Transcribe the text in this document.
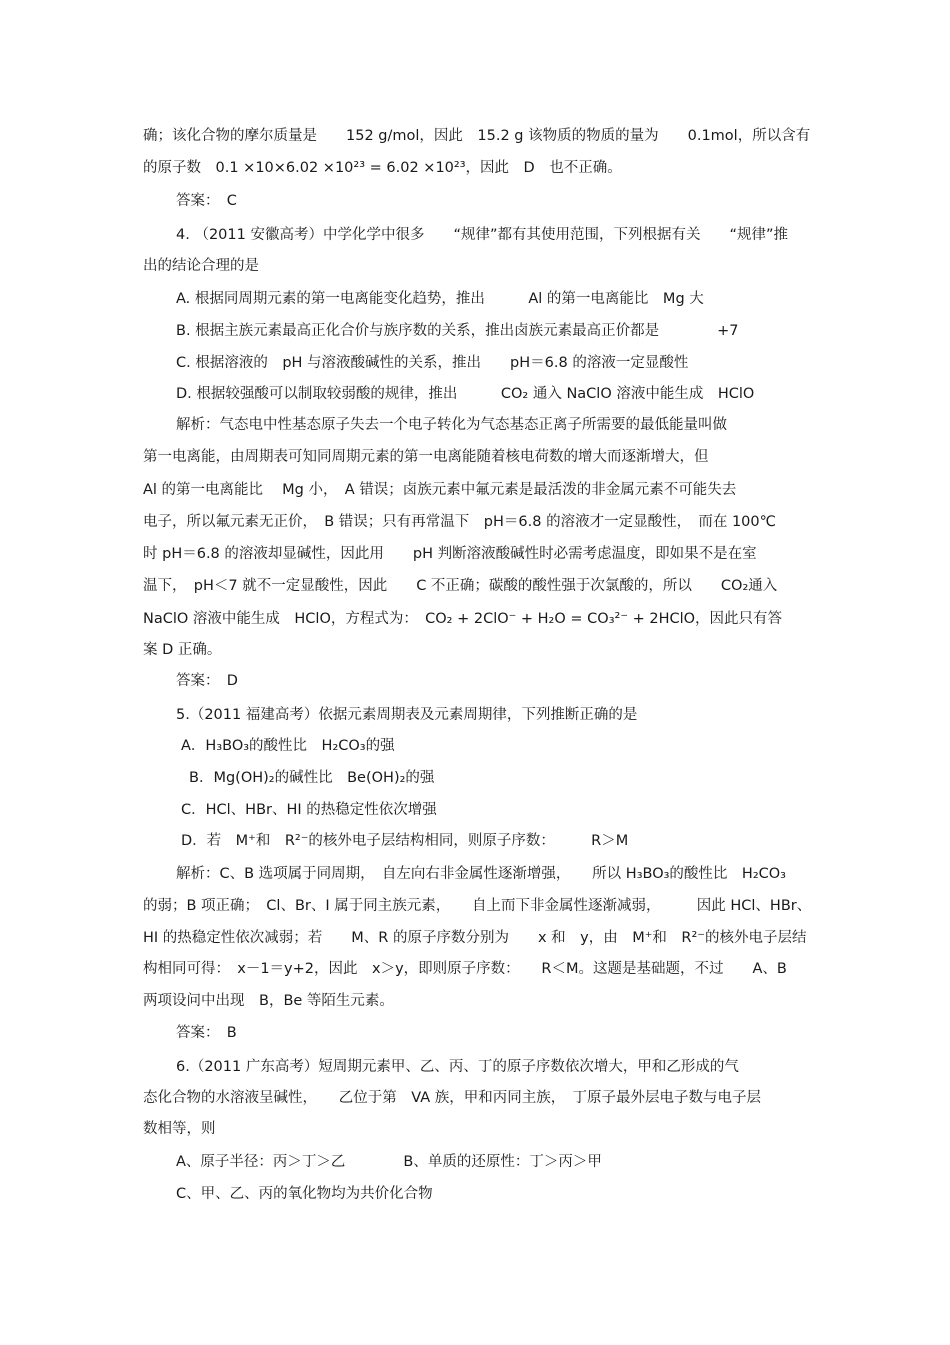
确；该化合物的摩尔质量是　　152 g/mol，因此　15.2 g 该物质的物质的量为　　0.1mol，所以含有
的原子数　0.1 ×10×6.02 ×10²³ = 6.02 ×10²³，因此　D　也不正确。
答案：　C
4. （2011 安徽高考）中学化学中很多　　“规律”都有其使用范围，下列根据有关　　“规律”推
出的结论合理的是
A. 根据同周期元素的第一电离能变化趋势，推出　　　Al 的第一电离能比　Mg 大
B. 根据主族元素最高正化合价与族序数的关系，推出卤族元素最高正价都是　　　　+7
C. 根据溶液的　pH 与溶液酸碱性的关系，推出　　pH＝6.8 的溶液一定显酸性
D. 根据较强酸可以制取较弱酸的规律，推出　　　CO₂ 通入 NaClO 溶液中能生成　HClO
解析：气态电中性基态原子失去一个电子转化为气态基态正离子所需要的最低能量叫做
第一电离能，由周期表可知同周期元素的第一电离能随着核电荷数的增大而逐渐增大，但
Al 的第一电离能比　 Mg 小，　A 错误；卤族元素中氟元素是最活泼的非金属元素不可能失去
电子，所以氟元素无正价，　B 错误；只有再常温下　pH＝6.8 的溶液才一定显酸性，　而在 100℃
时 pH＝6.8 的溶液却显碱性，因此用　　pH 判断溶液酸碱性时必需考虑温度，即如果不是在室
温下，　pH＜7 就不一定显酸性，因此　　C 不正确；碳酸的酸性强于次氯酸的，所以　　CO₂通入
NaClO 溶液中能生成　HClO，方程式为：　CO₂ + 2ClO⁻ + H₂O = CO₃²⁻ + 2HClO，因此只有答
案 D 正确。
答案：　D
5.（2011 福建高考）依据元素周期表及元素周期律，下列推断正确的是
A．H₃BO₃的酸性比　H₂CO₃的强
B．Mg(OH)₂的碱性比　Be(OH)₂的强
C．HCl、HBr、HI 的热稳定性依次增强
D．若　M⁺和　R²⁻的核外电子层结构相同，则原子序数：　　　R＞M
解析：C、B 选项属于同周期，　自左向右非金属性逐渐增强，　　所以 H₃BO₃的酸性比　H₂CO₃
的弱；B 项正确；　Cl、Br、I 属于同主族元素，　　自上而下非金属性逐渐减弱，　　　因此 HCl、HBr、
HI 的热稳定性依次减弱；若　　M、R 的原子序数分别为　　x 和　y，由　M⁺和　R²⁻的核外电子层结
构相同可得：　x－1＝y+2，因此　x＞y，即则原子序数：　　R＜M。这题是基础题，不过　　A、B
两项设问中出现　B，Be 等陌生元素。
答案：　B
6.（2011 广东高考）短周期元素甲、乙、丙、丁的原子序数依次增大，甲和乙形成的气
态化合物的水溶液呈碱性，　　乙位于第　VA 族，甲和丙同主族，　丁原子最外层电子数与电子层
数相等，则
A、原子半径：丙＞丁＞乙　　　　B、单质的还原性：丁＞丙＞甲
C、甲、乙、丙的氧化物均为共价化合物
